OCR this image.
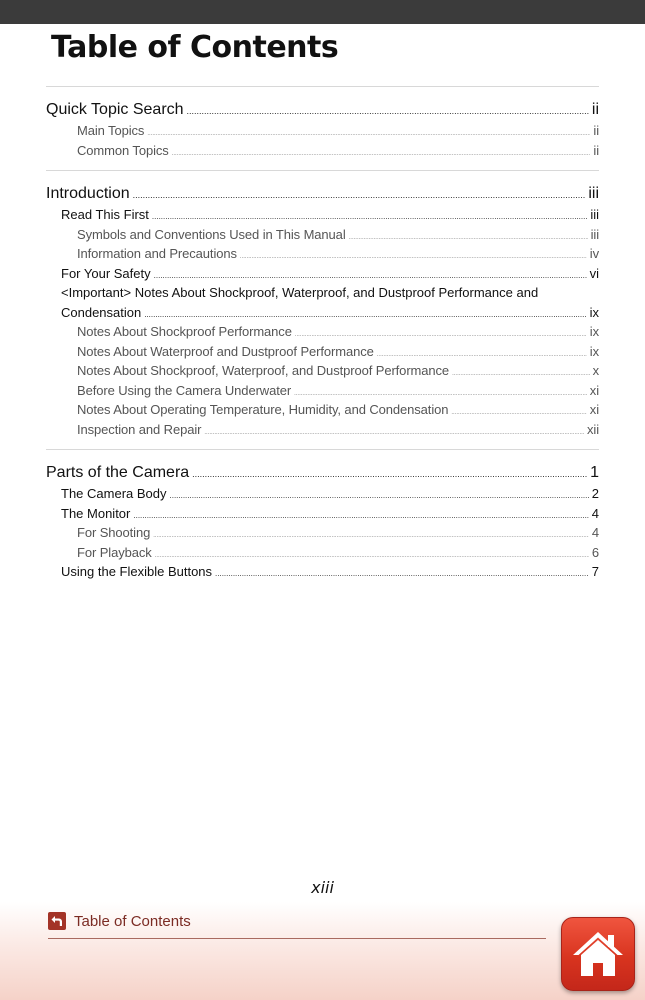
Table of Contents
Quick Topic Search .....	ii
Main Topics .....	ii
Common Topics .....	ii
Introduction .....	iii
Read This First .....	iii
Symbols and Conventions Used in This Manual .....	iii
Information and Precautions .....	iv
For Your Safety .....	vi
<Important> Notes About Shockproof, Waterproof, and Dustproof Performance and
Condensation .....	ix
Notes About Shockproof Performance .....	ix
Notes About Waterproof and Dustproof Performance .....	ix
Notes About Shockproof, Waterproof, and Dustproof Performance .....	x
Before Using the Camera Underwater .....	xi
Notes About Operating Temperature, Humidity, and Condensation .....	xi
Inspection and Repair .....	xii
Parts of the Camera .....	1
The Camera Body .....	2
The Monitor .....	4
For Shooting .....	4
For Playback .....	6
Using the Flexible Buttons .....	7
xiii
Table of Contents
